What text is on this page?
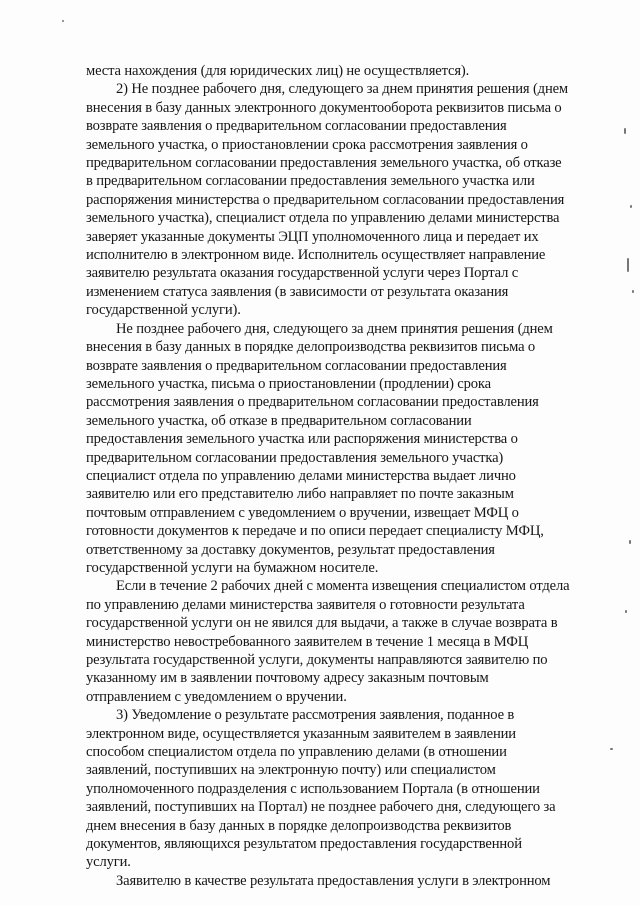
места нахождения (для юридических лиц) не осуществляется).

2) Не позднее рабочего дня, следующего за днем принятия решения (днем
внесения в базу данных электронного документооборота реквизитов письма о
возврате заявления о предварительном согласовании предоставления
земельного участка, о приостановлении срока рассмотрения заявления о
предварительном согласовании предоставления земельного участка, об отказе
в предварительном согласовании предоставления земельного участка или
распоряжения министерства о предварительном согласовании предоставления
земельного участка), специалист отдела по управлению делами министерства
заверяет указанные документы ЭЦП уполномоченного лица и передает их
исполнителю в электронном виде. Исполнитель осуществляет направление
заявителю результата оказания государственной услуги через Портал с
изменением статуса заявления (в зависимости от результата оказания
государственной услуги).

Не позднее рабочего дня, следующего за днем принятия решения (днем
внесения в базу данных в порядке делопроизводства реквизитов письма о
возврате заявления о предварительном согласовании предоставления
земельного участка, письма о приостановлении (продлении) срока
рассмотрения заявления о предварительном согласовании предоставления
земельного участка, об отказе в предварительном согласовании
предоставления земельного участка или распоряжения министерства о
предварительном согласовании предоставления земельного участка)
специалист отдела по управлению делами министерства выдает лично
заявителю или его представителю либо направляет по почте заказным
почтовым отправлением с уведомлением о вручении, извещает МФЦ о
готовности документов к передаче и по описи передает специалисту МФЦ,
ответственному за доставку документов, результат предоставления
государственной услуги на бумажном носителе.

Если в течение 2 рабочих дней с момента извещения специалистом отдела
по управлению делами министерства заявителя о готовности результата
государственной услуги он не явился для выдачи, а также в случае возврата в
министерство невостребованного заявителем в течение 1 месяца в МФЦ
результата государственной услуги, документы направляются заявителю по
указанному им в заявлении почтовому адресу заказным почтовым
отправлением с уведомлением о вручении.

3) Уведомление о результате рассмотрения заявления, поданное в
электронном виде, осуществляется указанным заявителем в заявлении
способом специалистом отдела по управлению делами (в отношении
заявлений, поступивших на электронную почту) или специалистом
уполномоченного подразделения с использованием Портала (в отношении
заявлений, поступивших на Портал) не позднее рабочего дня, следующего за
днем внесения в базу данных в порядке делопроизводства реквизитов
документов, являющихся результатом предоставления государственной
услуги.

Заявителю в качестве результата предоставления услуги в электронном
